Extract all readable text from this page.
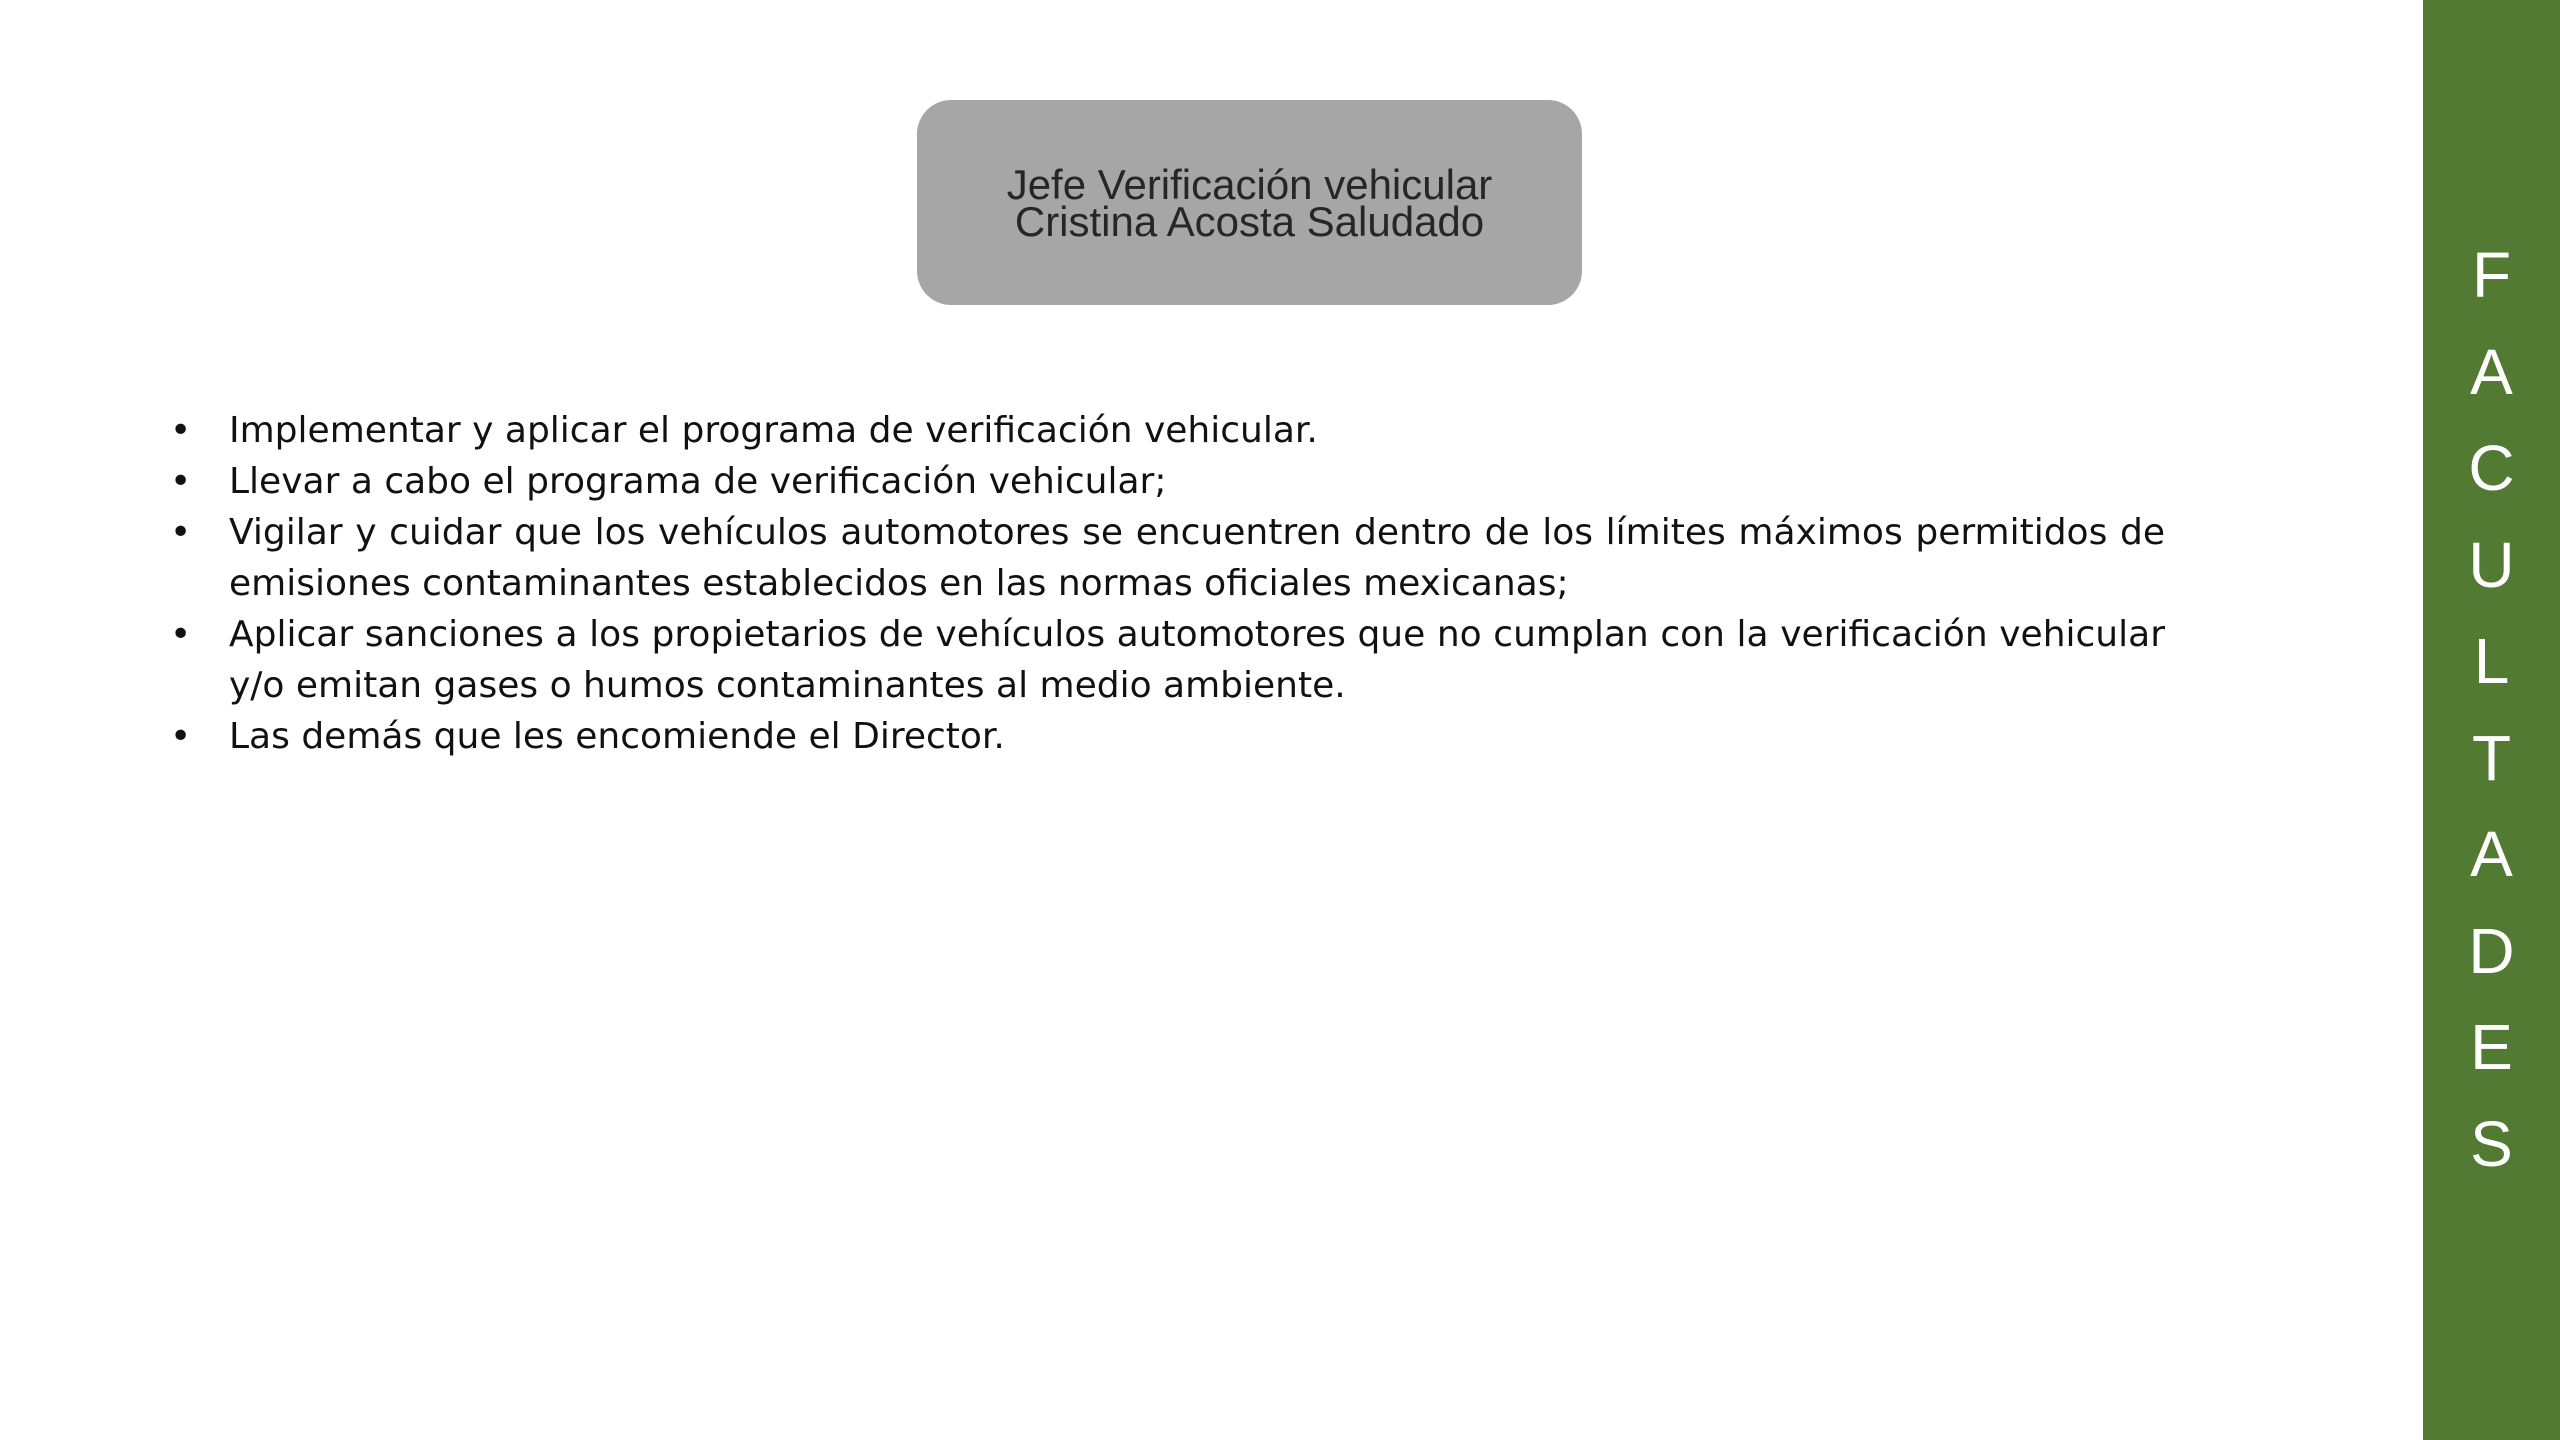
Jefe Verificación vehicular
Cristina Acosta Saludado
• Implementar y aplicar el programa de verificación vehicular.
• Llevar a cabo el programa de verificación vehicular;
• Vigilar y cuidar que los vehículos automotores se encuentren dentro de los límites máximos permitidos de emisiones contaminantes establecidos en las normas oficiales mexicanas;
• Aplicar sanciones a los propietarios de vehículos automotores que no cumplan con la verificación vehicular y/o emitan gases o humos contaminantes al medio ambiente.
• Las demás que les encomiende el Director.
F
A
C
U
L
T
A
D
E
S
